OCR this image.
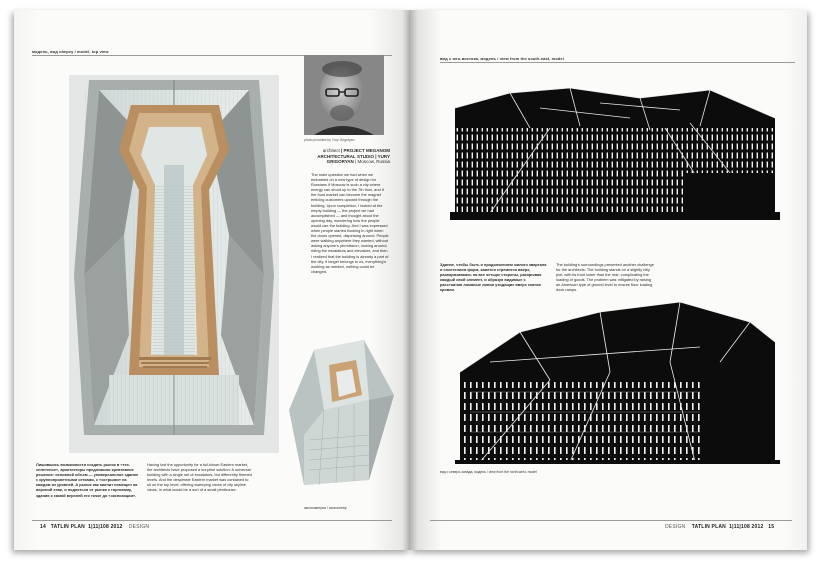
модель, вид сверху / model, top view
photo provided by Yury Grigoryan
architect | PROJECT MEGANOM ARCHITECTURAL STUDIO | YURY GRIGORYAN | Moscow, Russia
The main question we had when we embarked on a new type of design for Russians if Moscow is such a city where energy can shoot up to the 7th floor, and if the food market can become the magnet enticing customers upward through the building. Upon completion, I looked at the empty building — the project we had accomplished — and thought about the opening day, wondering how the people would use the building. And I was impressed when people started flocking in right when the doors opened, dispersing around. People were walking anywhere they wanted, without asking anyone's permission, looking around, riding the escalators and elevators, and then I realized that the building is already a part of the city, it longer belongs to us, everything's working as needed, nothing could be changed.
Лишившись возможности создать рынок в «техсплетенье», архитекторы предложили креативное решение: основной объем — универсальное здание с крупнопролетными сетками, с «острыми» на каждом из уровней. А рынок как магнит помещен на верхний этаж, и подняться от рынка к торговому, здания к самой верхней его точке до «экспозиции».
Having lost the opportunity for a full-blown Eastern market, the architects have proposed a surprise solution: A universal building with a single set of escalators, but differently themed levels. And the desperate Eastern market was contained to sit on the top level, offering sweeping views of city skyline views, in what would be a sort of a small penthouse.
аксонометрия / axonometry
14 TATLIN PLAN 1|11|108 2012 DESIGN
вид с юго-востока, модель / view from the south-east, model
Здание, чтобы быть и продолжением жилого квартала и сплетением форм, кажется стремится вверх, разворачиваясь на все четыре стороны, раскрывая каждый свой элемент, и образуя видимые с расстояния ломаные линии уходящих вверх скатов кровли.
The building's surroundings presented another challenge for the architects. The building stands on a slightly hilly plot, with its front lower than the rear, complicating the loading of goods. The problem was mitigated by raising an American type of ground level to ensure floor loading dock ramps.
вид с северо-запада, модель / view from the north-west, model
DESIGN TATLIN PLAN 1|11|108 2012 15
